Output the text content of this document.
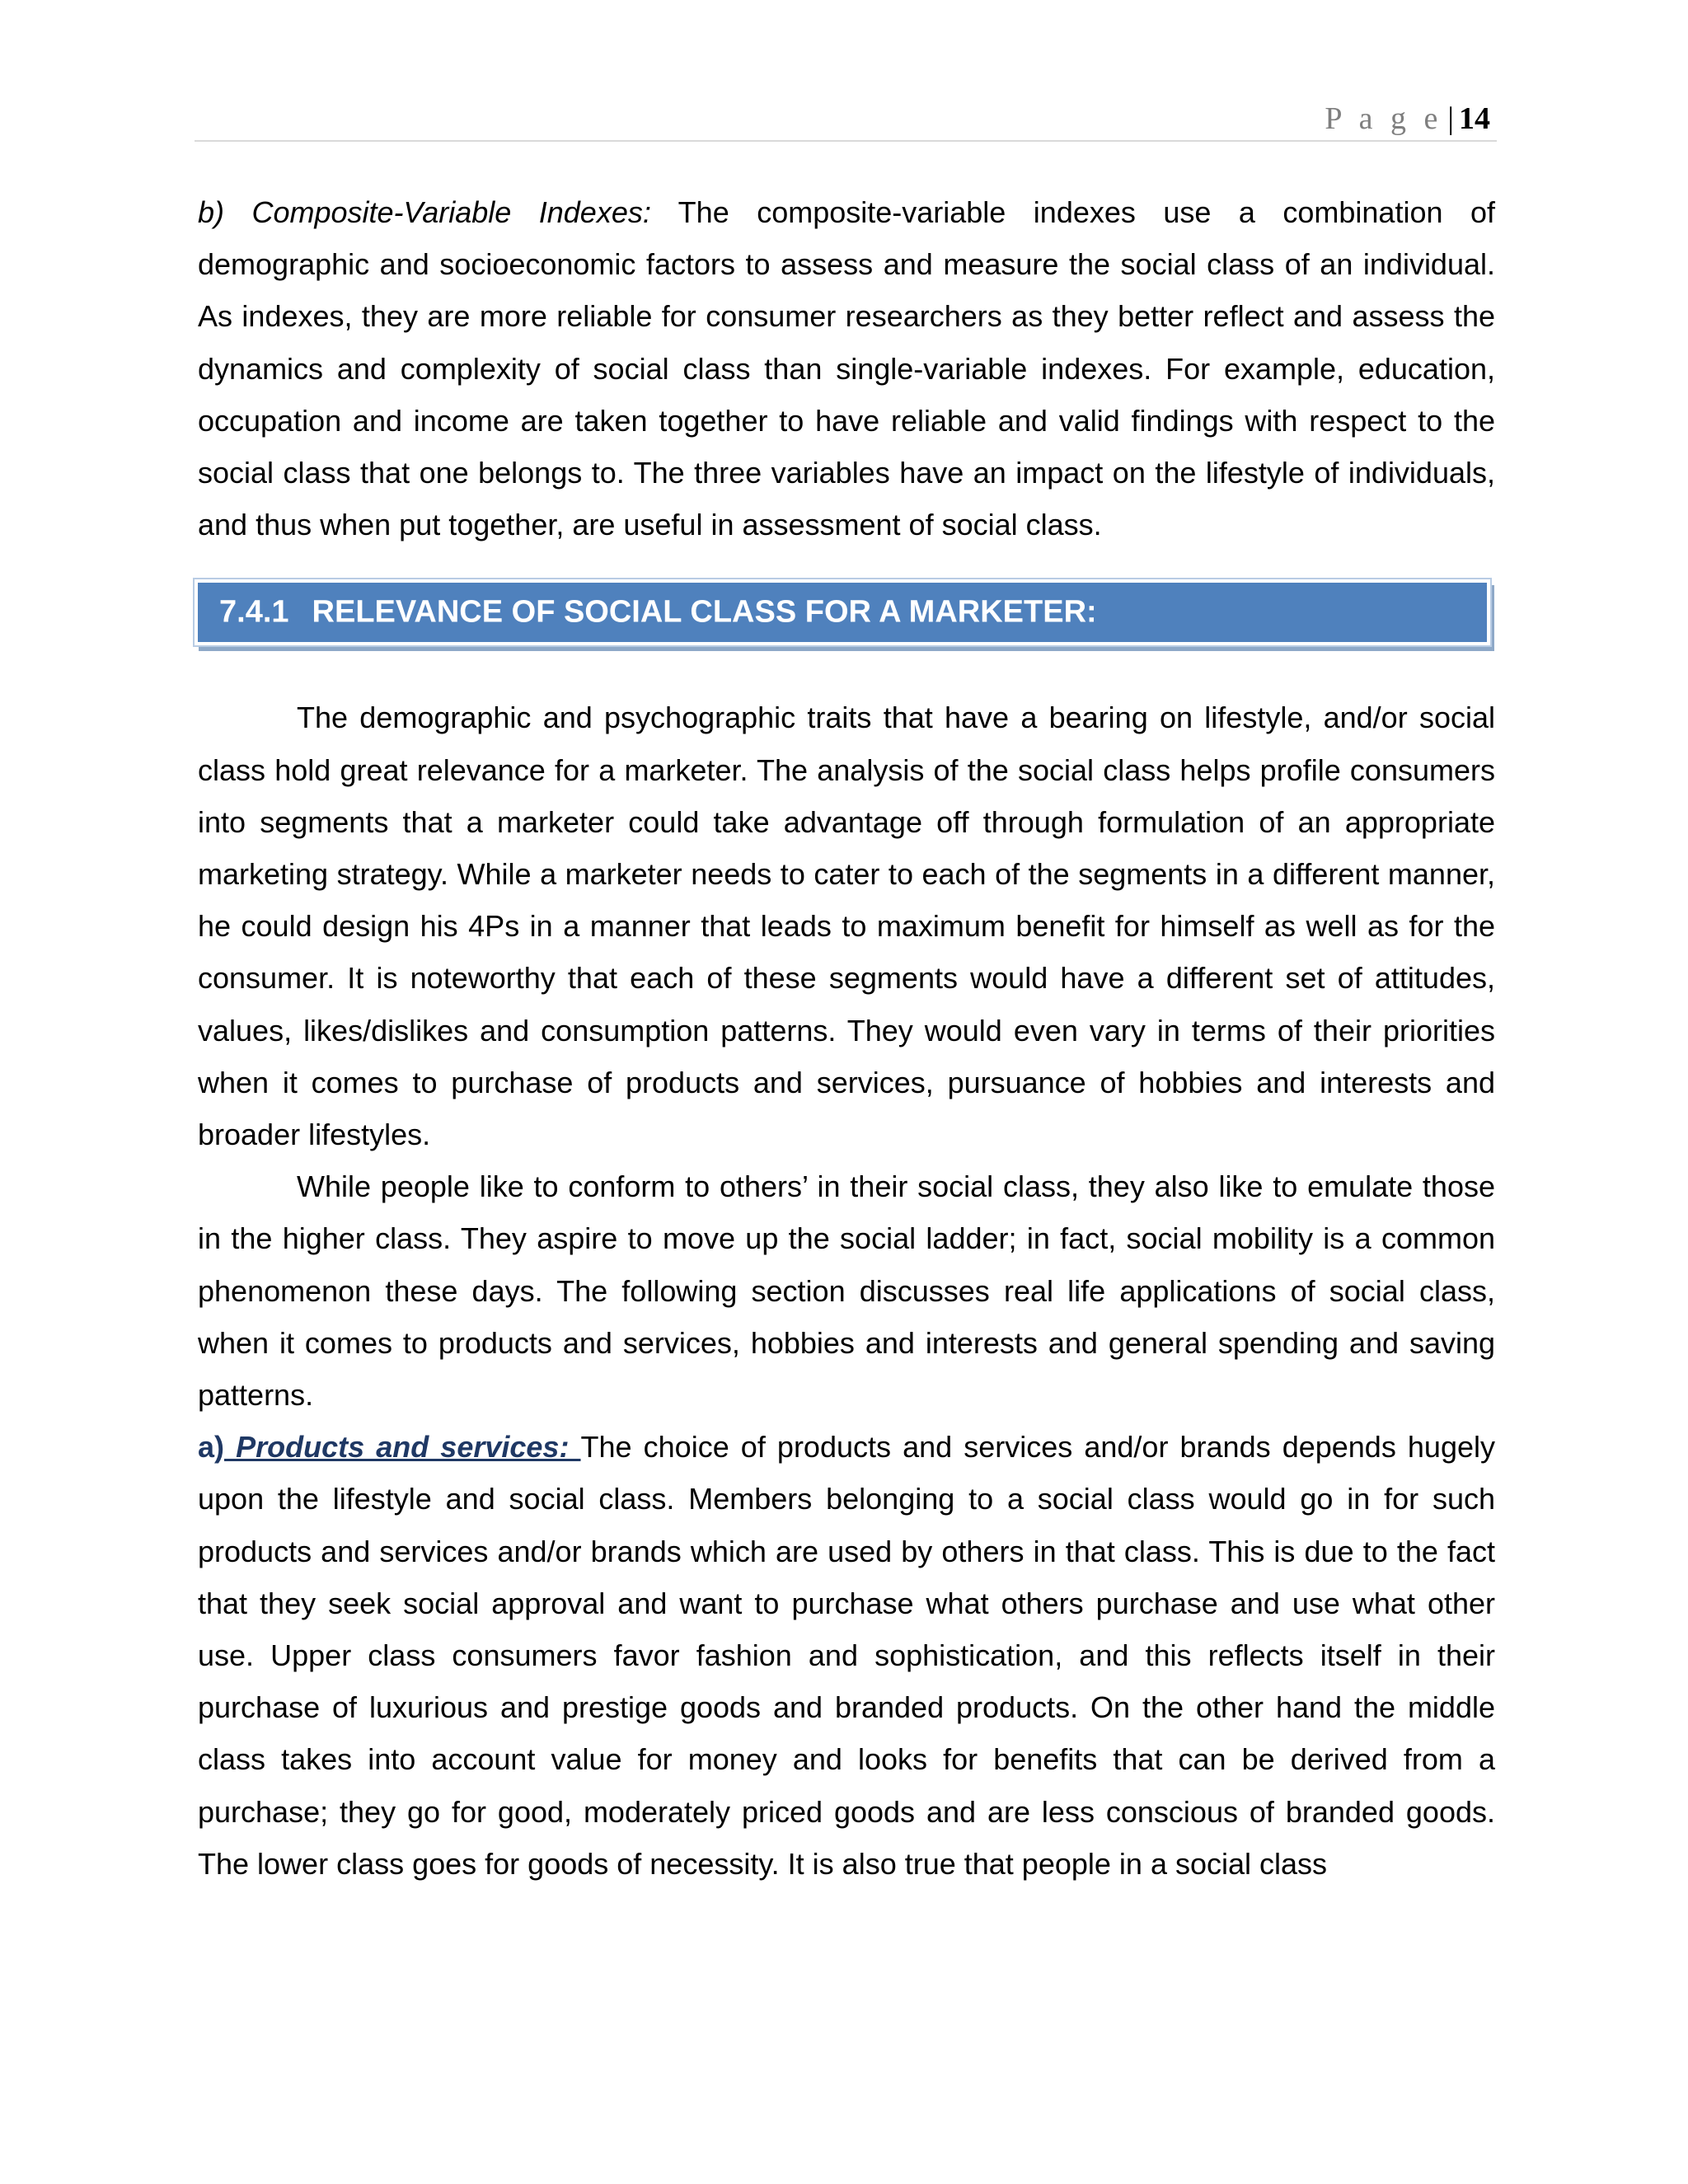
P a g e | 14

b) Composite-Variable Indexes: The composite-variable indexes use a combination of demographic and socioeconomic factors to assess and measure the social class of an individual. As indexes, they are more reliable for consumer researchers as they better reflect and assess the dynamics and complexity of social class than single-variable indexes. For example, education, occupation and income are taken together to have reliable and valid findings with respect to the social class that one belongs to. The three variables have an impact on the lifestyle of individuals, and thus when put together, are useful in assessment of social class.

7.4.1 RELEVANCE OF SOCIAL CLASS FOR A MARKETER:

The demographic and psychographic traits that have a bearing on lifestyle, and/or social class hold great relevance for a marketer. The analysis of the social class helps profile consumers into segments that a marketer could take advantage off through formulation of an appropriate marketing strategy. While a marketer needs to cater to each of the segments in a different manner, he could design his 4Ps in a manner that leads to maximum benefit for himself as well as for the consumer. It is noteworthy that each of these segments would have a different set of attitudes, values, likes/dislikes and consumption patterns. They would even vary in terms of their priorities when it comes to purchase of products and services, pursuance of hobbies and interests and broader lifestyles.

While people like to conform to others’ in their social class, they also like to emulate those in the higher class. They aspire to move up the social ladder; in fact, social mobility is a common phenomenon these days. The following section discusses real life applications of social class, when it comes to products and services, hobbies and interests and general spending and saving patterns.

a) Products and services: The choice of products and services and/or brands depends hugely upon the lifestyle and social class. Members belonging to a social class would go in for such products and services and/or brands which are used by others in that class. This is due to the fact that they seek social approval and want to purchase what others purchase and use what other use. Upper class consumers favor fashion and sophistication, and this reflects itself in their purchase of luxurious and prestige goods and branded products. On the other hand the middle class takes into account value for money and looks for benefits that can be derived from a purchase; they go for good, moderately priced goods and are less conscious of branded goods. The lower class goes for goods of necessity. It is also true that people in a social class
